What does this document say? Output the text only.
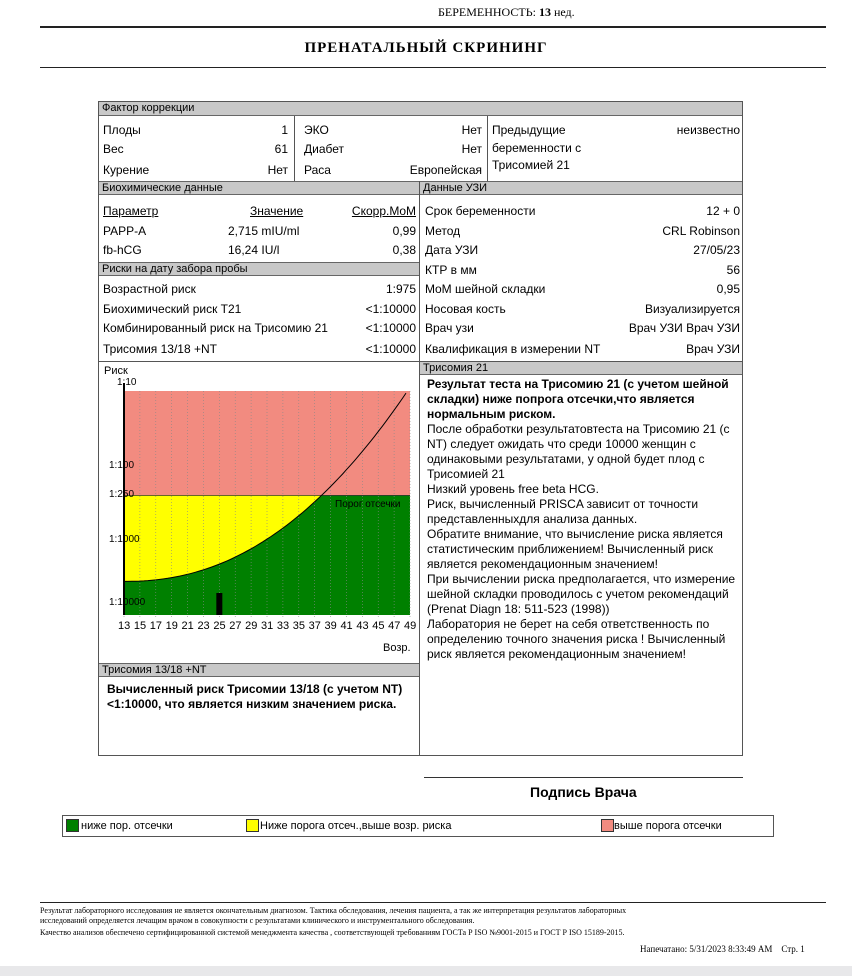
БЕРЕМЕННОСТЬ: 13 нед.
ПРЕНАТАЛЬНЫЙ СКРИНИНГ
Фактор коррекции
Плоды	1
Вес	61
Курение	Нет
ЭКО	Нет
Диабет	Нет
Раса	Европейская
Предыдущие
беременности с
Трисомией 21
неизвестно
Биохимические данные	Данные УЗИ
Параметр	Значение	Скорр.MoM
PAPP-A	2,715 mIU/ml	0,99
fb-hCG	16,24 IU/l	0,38
Риски на дату забора пробы
Возрастной риск	1:975
Биохимический риск T21	<1:10000
Комбинированный риск на Трисомию 21	<1:10000
Трисомия 13/18 +NT	<1:10000
Срок беременности	12 + 0
Метод	CRL Robinson
Дата УЗИ	27/05/23
КТР в мм	56
MoM шейной складки	0,95
Носовая кость	Визуализируется
Врач узи	Врач УЗИ Врач УЗИ
Квалификация в измерении NT	Врач УЗИ
Трисомия 21
Риск
Порог отсечки
1:10
1:100
1:250
1:1000
1:10000
13 15 17 19 21 23 25 27 29 31 33 35 37 39 41 43 45 47 49
Возр.
Результат теста на Трисомию 21 (с учетом шейной складки) ниже попрога отсечки,что является нормальным риском.
После обработки результатовтеста на Трисомию 21 (с
NT) следует ожидать что среди 10000 женщин с
одинаковыми результатами, у одной будет плод с
Трисомией 21
Низкий уровень free beta HCG.
Риск, вычисленный PRISCA зависит от точности
представленныхдля анализа данных.
Обратите внимание, что вычисление риска является
статистическим приближением! Вычисленный риск
является рекомендационным значением!
При вычислении риска предполагается, что измерение
шейной складки проводилось с учетом рекомендаций
(Prenat Diagn 18: 511-523 (1998))
Лаборатория не берет на себя ответственность по
определению точного значения риска ! Вычисленный
риск является рекомендационным значением!
Трисомия 13/18 +NT
Вычисленный риск Трисомии 13/18 (с учетом NT)
<1:10000, что является низким значением риска.
Подпись Врача
ниже пор. отсечки	Ниже порога отсеч.,выше возр. риска	выше порога отсечки
Результат лабораторного исследования не является окончательным диагнозом. Тактика обследования, лечения пациента, а так же интерпретация результатов лабораторных
исследований определяется лечащим врачом в совокупности с результатами клинического и инструментального обследования.
Качество анализов обеспечено сертифицированной системой менеджмента качества , соответствующей требованиям ГОСТа Р ISO №9001-2015 и ГОСТ Р ISO 15189-2015.
Напечатано: 5/31/2023 8:33:49 AM Стр. 1
